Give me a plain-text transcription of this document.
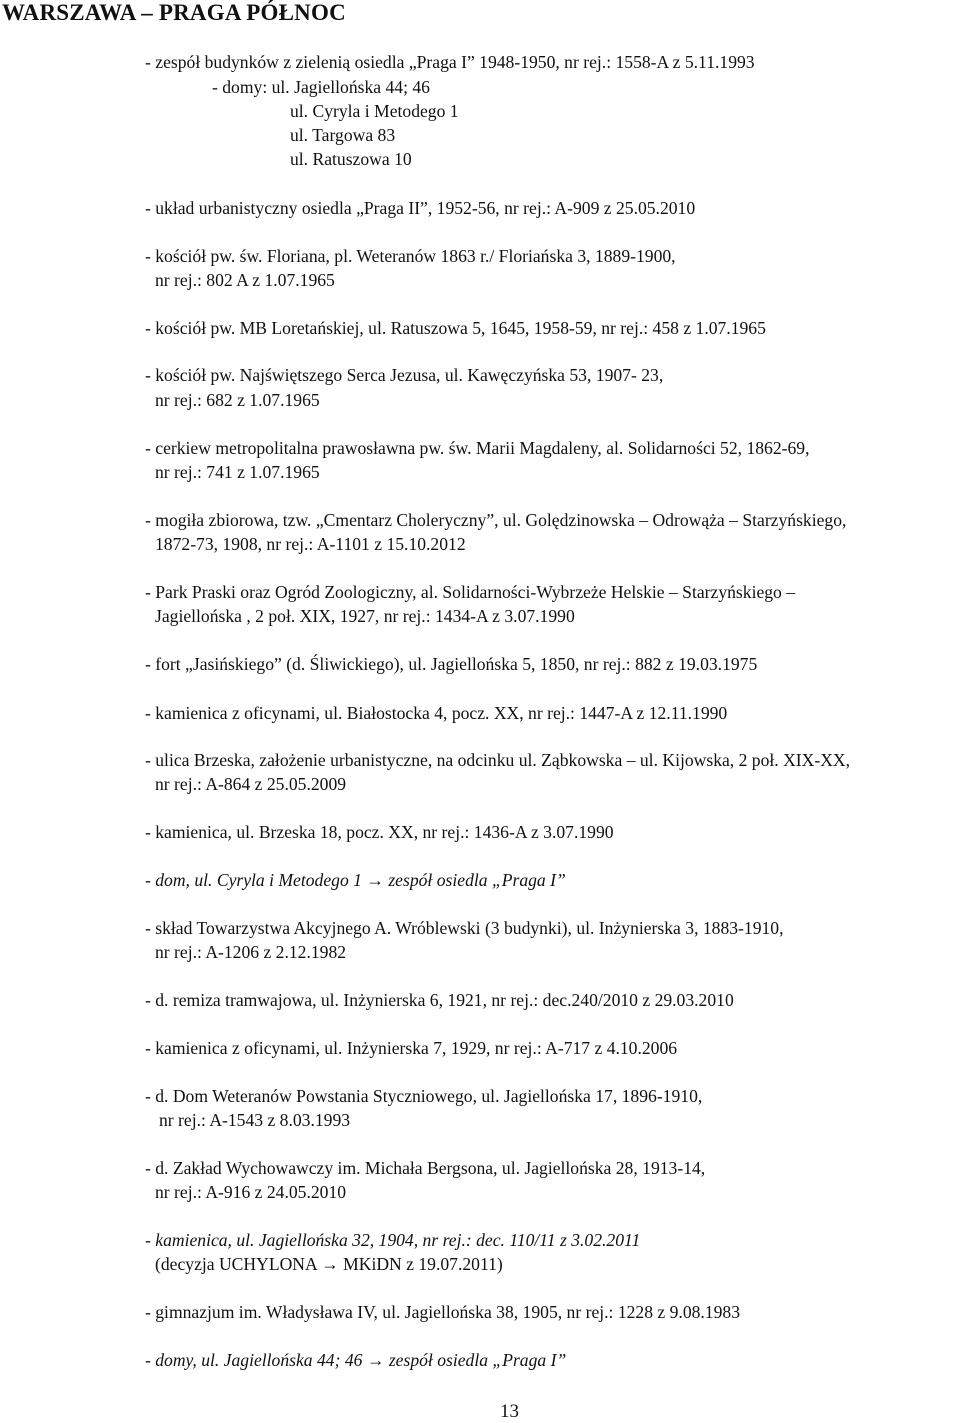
WARSZAWA – PRAGA PÓŁNOC
- zespół budynków z zielenią osiedla „Praga I” 1948-1950, nr rej.: 1558-A z 5.11.1993
- domy: ul. Jagiellońska 44; 46
ul. Cyryla i Metodego 1
ul. Targowa 83
ul. Ratuszowa 10
- układ urbanistyczny osiedla „Praga II”, 1952-56, nr rej.: A-909 z 25.05.2010
- kościół pw. św. Floriana, pl. Weteranów 1863 r./ Floriańska 3, 1889-1900,
nr rej.: 802 A z 1.07.1965
- kościół pw. MB Loretańskiej, ul. Ratuszowa 5, 1645, 1958-59, nr rej.: 458 z 1.07.1965
- kościół pw. Najświętszego Serca Jezusa, ul. Kawęczyńska 53, 1907- 23,
nr rej.: 682 z 1.07.1965
- cerkiew metropolitalna prawosławna pw. św. Marii Magdaleny, al. Solidarności 52, 1862-69,
nr rej.: 741 z 1.07.1965
- mogiła zbiorowa, tzw. „Cmentarz Choleryczny”, ul. Golędzinowska – Odrowąża – Starzyńskiego,
1872-73, 1908, nr rej.: A-1101 z 15.10.2012
- Park Praski oraz Ogród Zoologiczny, al. Solidarności-Wybrzeże Helskie – Starzyńskiego –
Jagiellońska , 2 poł. XIX, 1927, nr rej.: 1434-A z 3.07.1990
- fort „Jasińskiego” (d. Śliwickiego), ul. Jagiellońska 5, 1850, nr rej.: 882 z 19.03.1975
- kamienica z oficynami, ul. Białostocka 4, pocz. XX, nr rej.: 1447-A z 12.11.1990
- ulica Brzeska, założenie urbanistyczne, na odcinku ul. Ząbkowska – ul. Kijowska, 2 poł. XIX-XX,
nr rej.: A-864 z 25.05.2009
- kamienica, ul. Brzeska 18, pocz. XX, nr rej.: 1436-A z 3.07.1990
- dom, ul. Cyryla i Metodego 1 → zespół osiedla „Praga I”
- skład Towarzystwa Akcyjnego A. Wróblewski (3 budynki), ul. Inżynierska 3, 1883-1910,
nr rej.: A-1206 z 2.12.1982
- d. remiza tramwajowa, ul. Inżynierska 6, 1921, nr rej.: dec.240/2010 z 29.03.2010
- kamienica z oficynami, ul. Inżynierska 7, 1929, nr rej.: A-717 z 4.10.2006
- d. Dom Weteranów Powstania Styczniowego, ul. Jagiellońska 17, 1896-1910,
nr rej.: A-1543 z 8.03.1993
- d. Zakład Wychowawczy im. Michała Bergsona, ul. Jagiellońska 28, 1913-14,
nr rej.: A-916 z 24.05.2010
- kamienica, ul. Jagiellońska 32, 1904, nr rej.: dec. 110/11 z 3.02.2011
(decyzja UCHYLONA → MKiDN z 19.07.2011)
- gimnazjum im. Władysława IV, ul. Jagiellońska 38, 1905, nr rej.: 1228 z 9.08.1983
- domy, ul. Jagiellońska 44; 46 → zespół osiedla „Praga I”
13
